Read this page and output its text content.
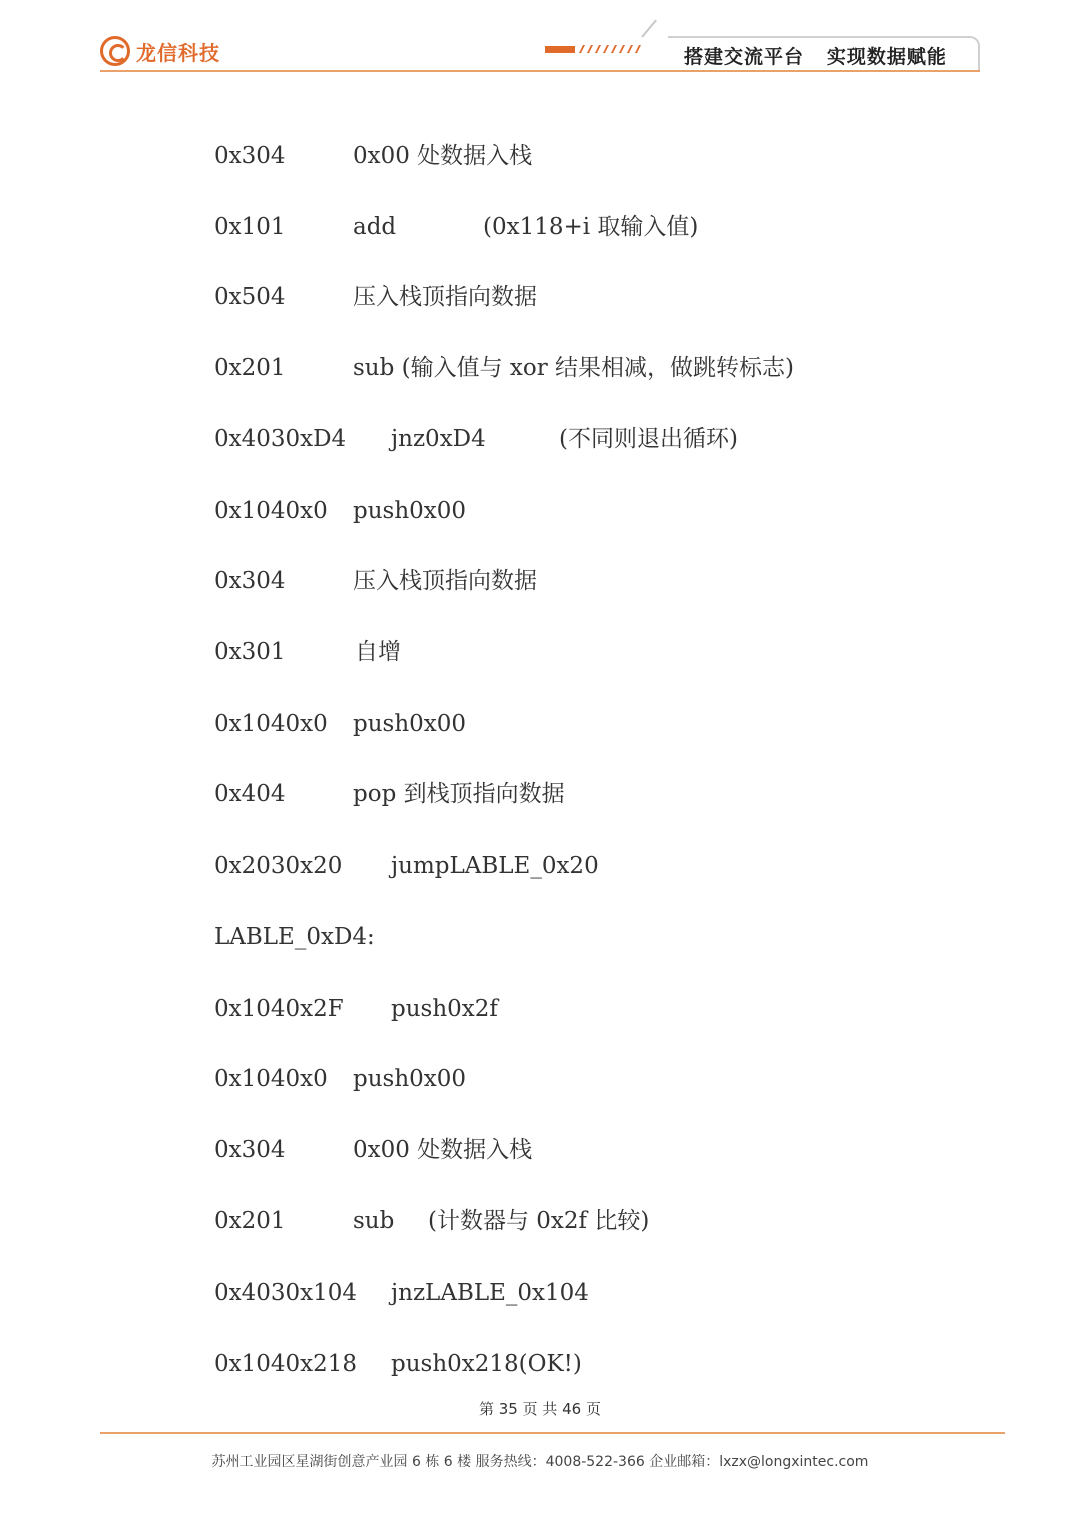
龙信科技	搭建交流平台   实现数据赋能
0x304	0x00 处数据入栈
0x101	add	(0x118+i 取输入值)
0x504	压入栈顶指向数据
0x201	sub (输入值与 xor 结果相减，做跳转标志)
0x4030xD4 jnz0xD4	(不同则退出循环)
0x1040x0 push0x00
0x304	压入栈顶指向数据
0x301	自增
0x1040x0 push0x00
0x404	pop 到栈顶指向数据
0x2030x20 jumpLABLE_0x20
LABLE_0xD4:
0x1040x2F push0x2f
0x1040x0 push0x00
0x304	0x00 处数据入栈
0x201	sub (计数器与 0x2f 比较)
0x4030x104 jnzLABLE_0x104
0x1040x218 push0x218(OK!)
第 35 页 共 46 页
苏州工业园区星湖街创意产业园 6 栋 6 楼 服务热线：4008-522-366 企业邮箱：lxzx@longxintec.com
